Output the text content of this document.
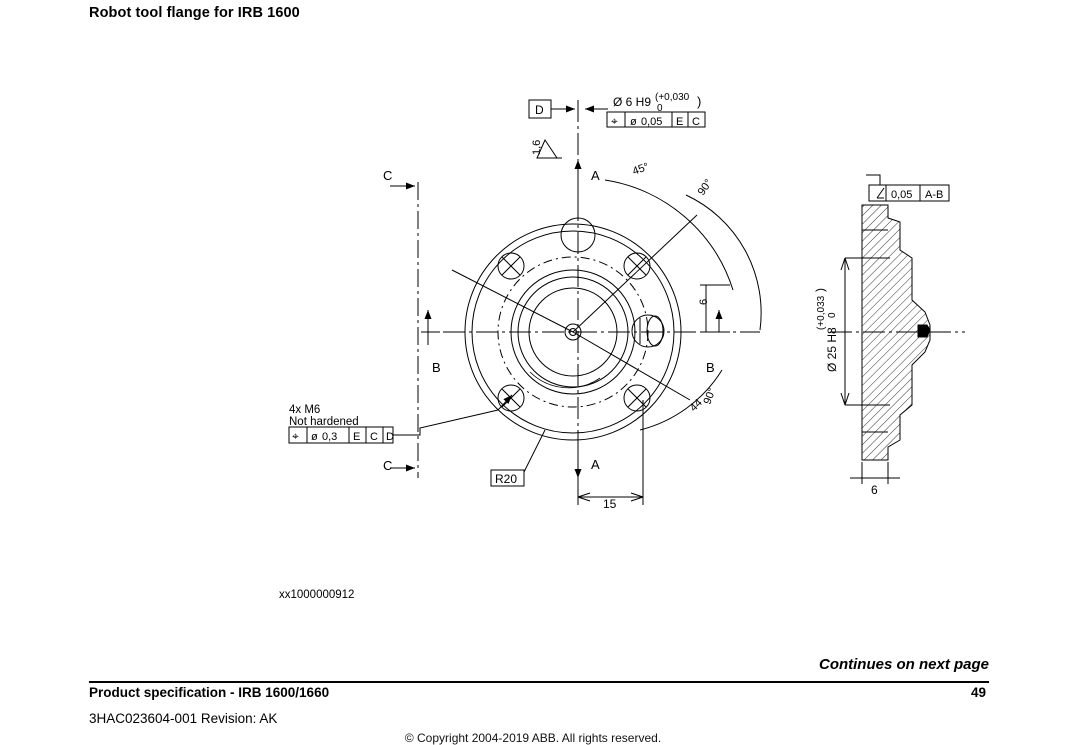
Robot tool flange for IRB 1600
D
1,6
Ø 6 H9 (+0,030
0	)
⌖ ø 0,05 E C
A
A
B	B
C
C
45°
90°
44
90°
6
15
R20
4x M6
Not hardened
⌖ ø 0,3 E C D
0,05 A-B
Ø 25 H8
(+0,033 0
)
6
xx1000000912
Continues on next page
Product specification - IRB 1600/1660	49
3HAC023604-001 Revision: AK
© Copyright 2004-2019 ABB. All rights reserved.
